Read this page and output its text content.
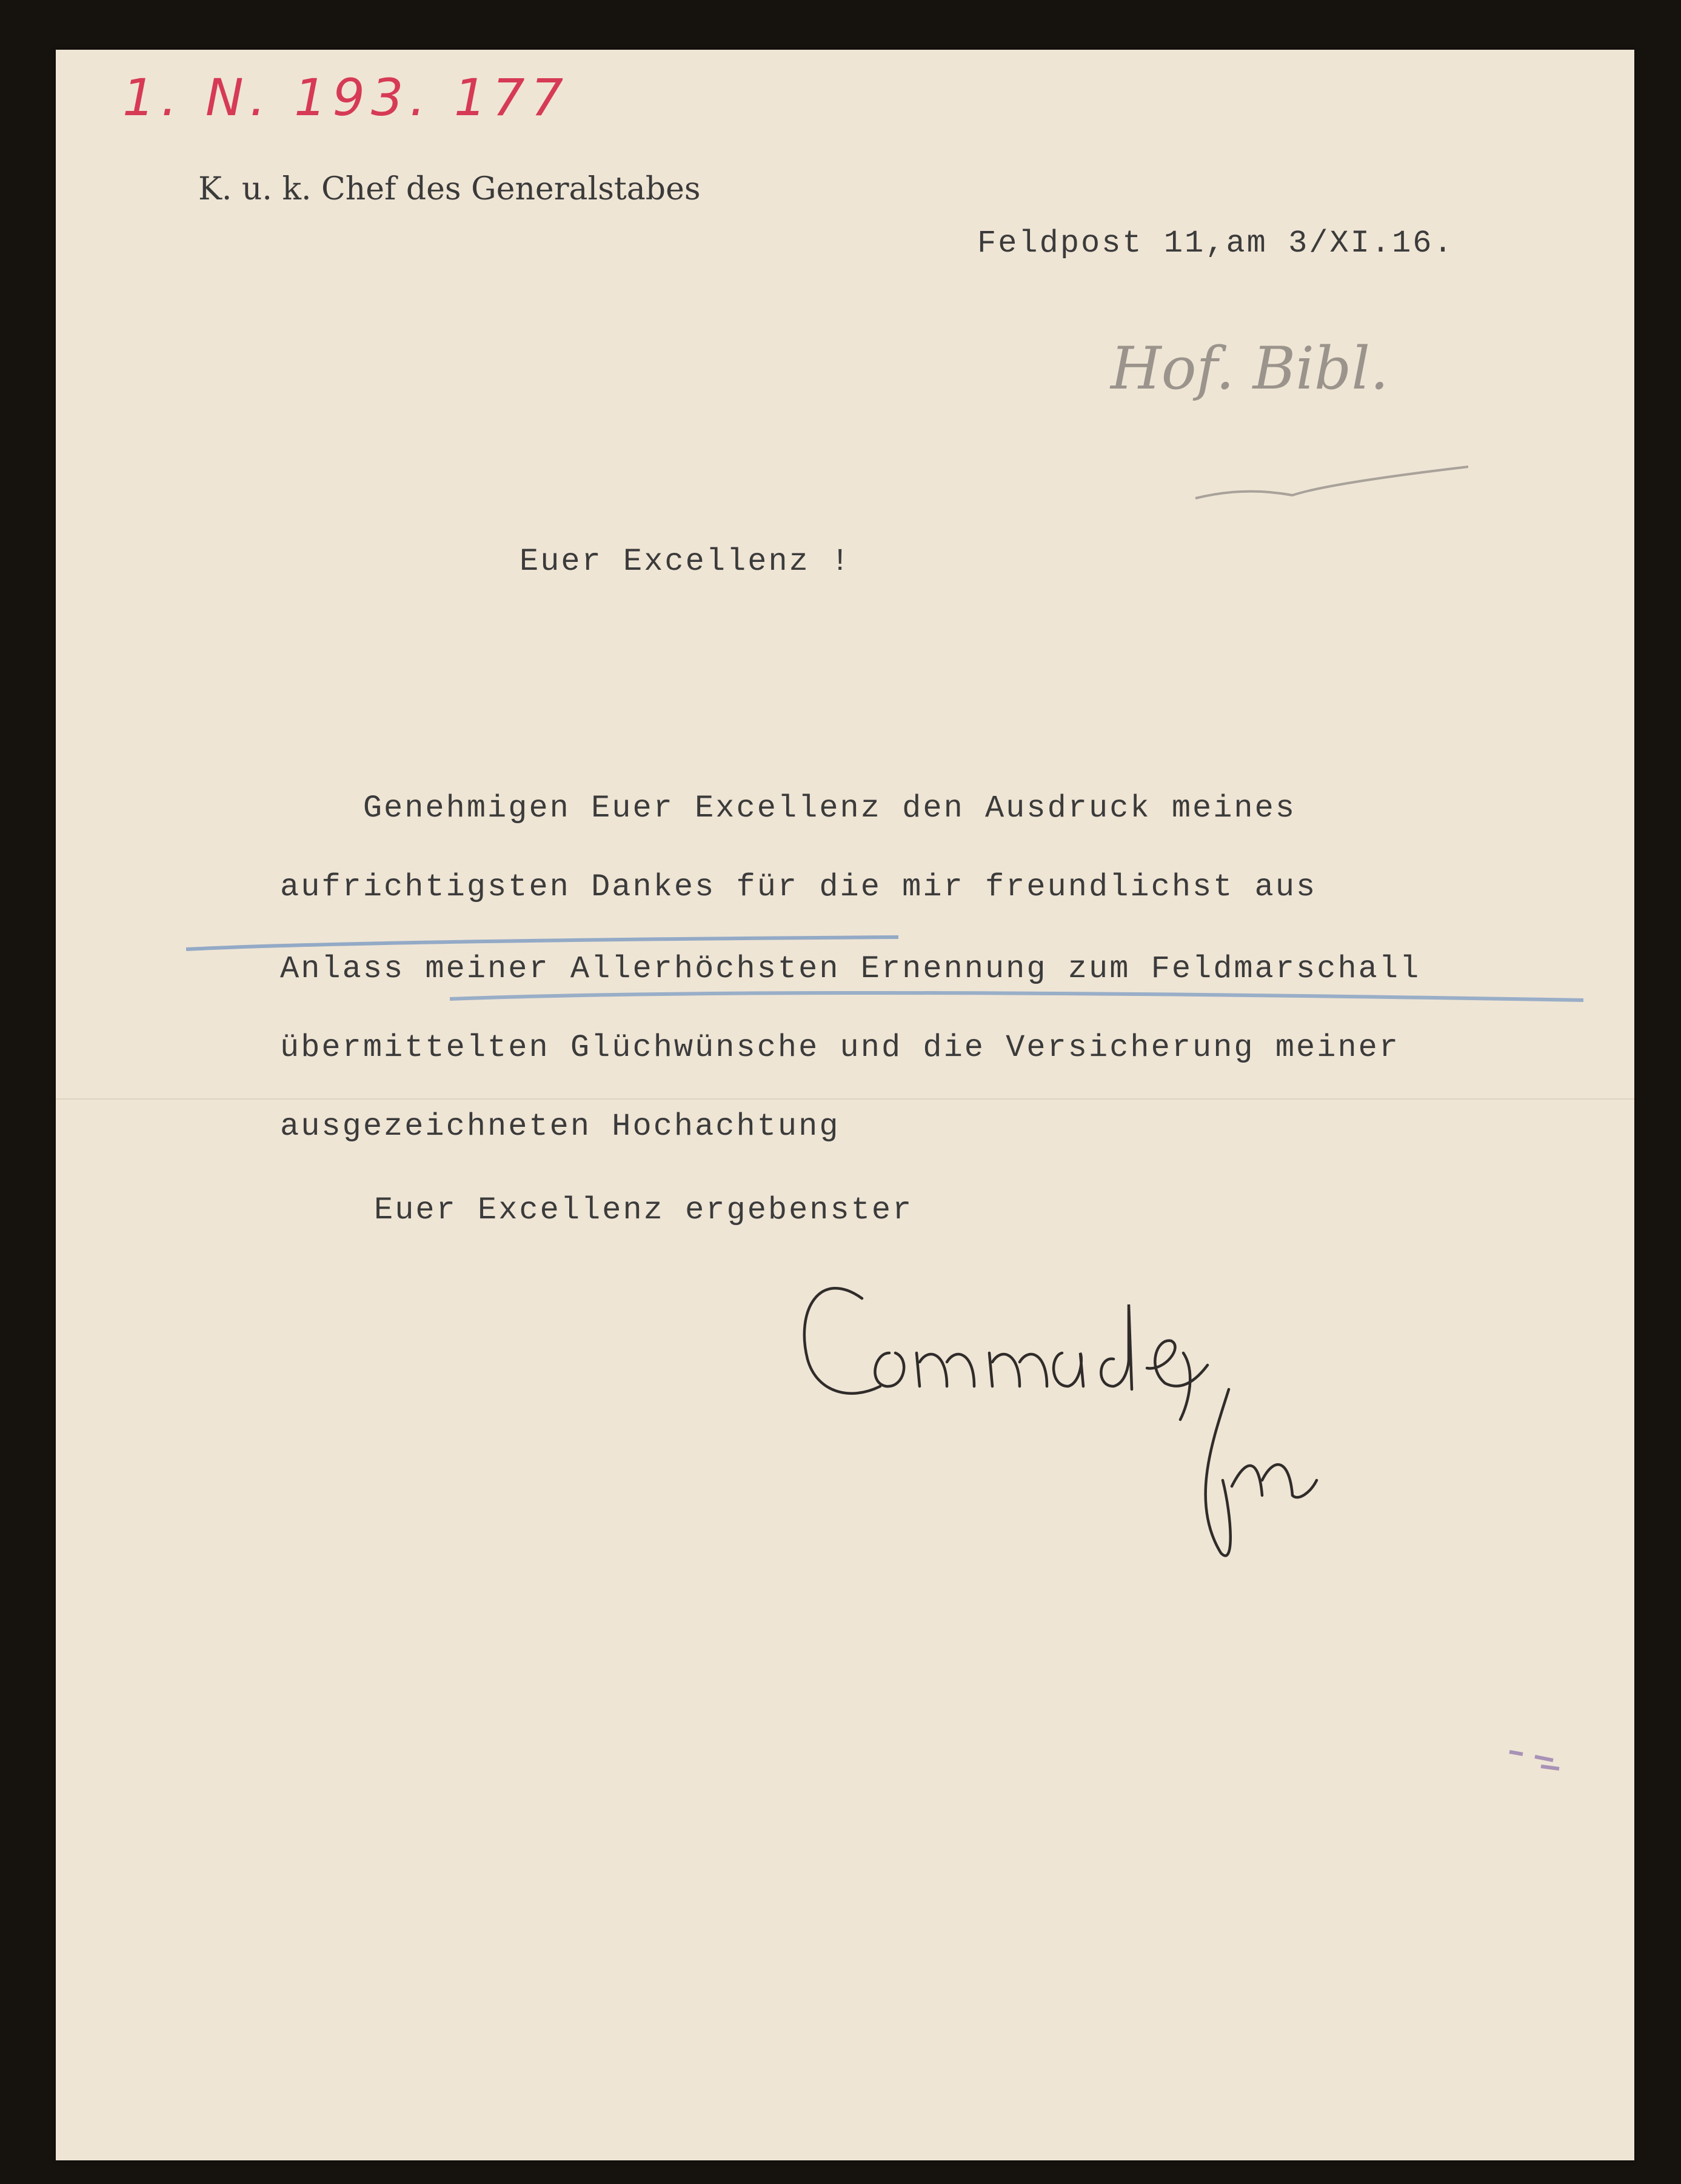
1. N. 193. 177

K. u. k. Chef des Generalstabes

Feldpost 11,am 3/XI.16.

Hof. Bibl.

Euer Excellenz !

Genehmigen Euer Excellenz den Ausdruck meines

aufrichtigsten Dankes für die mir freundlichst aus

Anlass meiner Allerhöchsten Ernennung zum Feldmarschall

übermittelten Glüchwünsche und die Versicherung meiner

ausgezeichneten Hochachtung

Euer Excellenz ergebenster
